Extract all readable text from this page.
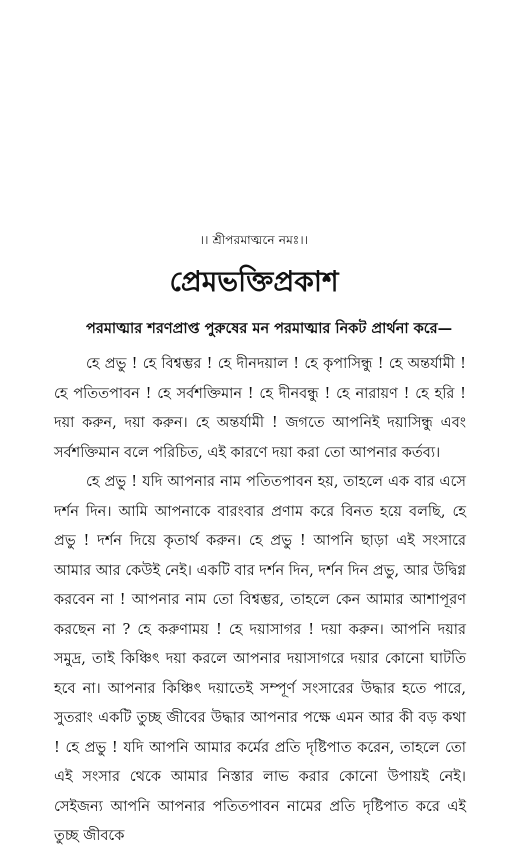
।। শ্রীপরমাত্মনে নমঃ।।
প্রেমভক্তিপ্রকাশ
পরমাত্মার শরণপ্রাপ্ত পুরুষের মন পরমাত্মার নিকট প্রার্থনা করে—

হে প্রভু ! হে বিশ্বম্ভর ! হে দীনদয়াল ! হে কৃপাসিন্ধু ! হে অন্তর্যামী ! হে পতিতপাবন ! হে সর্বশক্তিমান ! হে দীনবন্ধু ! হে নারায়ণ ! হে হরি ! দয়া করুন, দয়া করুন। হে অন্তর্যামী ! জগতে আপনিই দয়াসিন্ধু এবং সর্বশক্তিমান বলে পরিচিত, এই কারণে দয়া করা তো আপনার কর্তব্য।

হে প্রভু ! যদি আপনার নাম পতিতপাবন হয়, তাহলে এক বার এসে দর্শন দিন। আমি আপনাকে বারংবার প্রণাম করে বিনত হয়ে বলছি, হে প্রভু ! দর্শন দিয়ে কৃতার্থ করুন। হে প্রভু ! আপনি ছাড়া এই সংসারে আমার আর কেউই নেই। একটি বার দর্শন দিন, দর্শন দিন প্রভু, আর উদ্বিগ্ন করবেন না ! আপনার নাম তো বিশ্বম্ভর, তাহলে কেন আমার আশাপূরণ করছেন না ? হে করুণাময় ! হে দয়াসাগর ! দয়া করুন। আপনি দয়ার সমুদ্র, তাই কিঞ্চিৎ দয়া করলে আপনার দয়াসাগরে দয়ার কোনো ঘাটতি হবে না। আপনার কিঞ্চিৎ দয়াতেই সম্পূর্ণ সংসারের উদ্ধার হতে পারে, সুতরাং একটি তুচ্ছ জীবের উদ্ধার আপনার পক্ষে এমন আর কী বড় কথা ! হে প্রভু ! যদি আপনি আমার কর্মের প্রতি দৃষ্টিপাত করেন, তাহলে তো এই সংসার থেকে আমার নিস্তার লাভ করার কোনো উপায়ই নেই। সেইজন্য আপনি আপনার পতিতপাবন নামের প্রতি দৃষ্টিপাত করে এই তুচ্ছ জীবকে
